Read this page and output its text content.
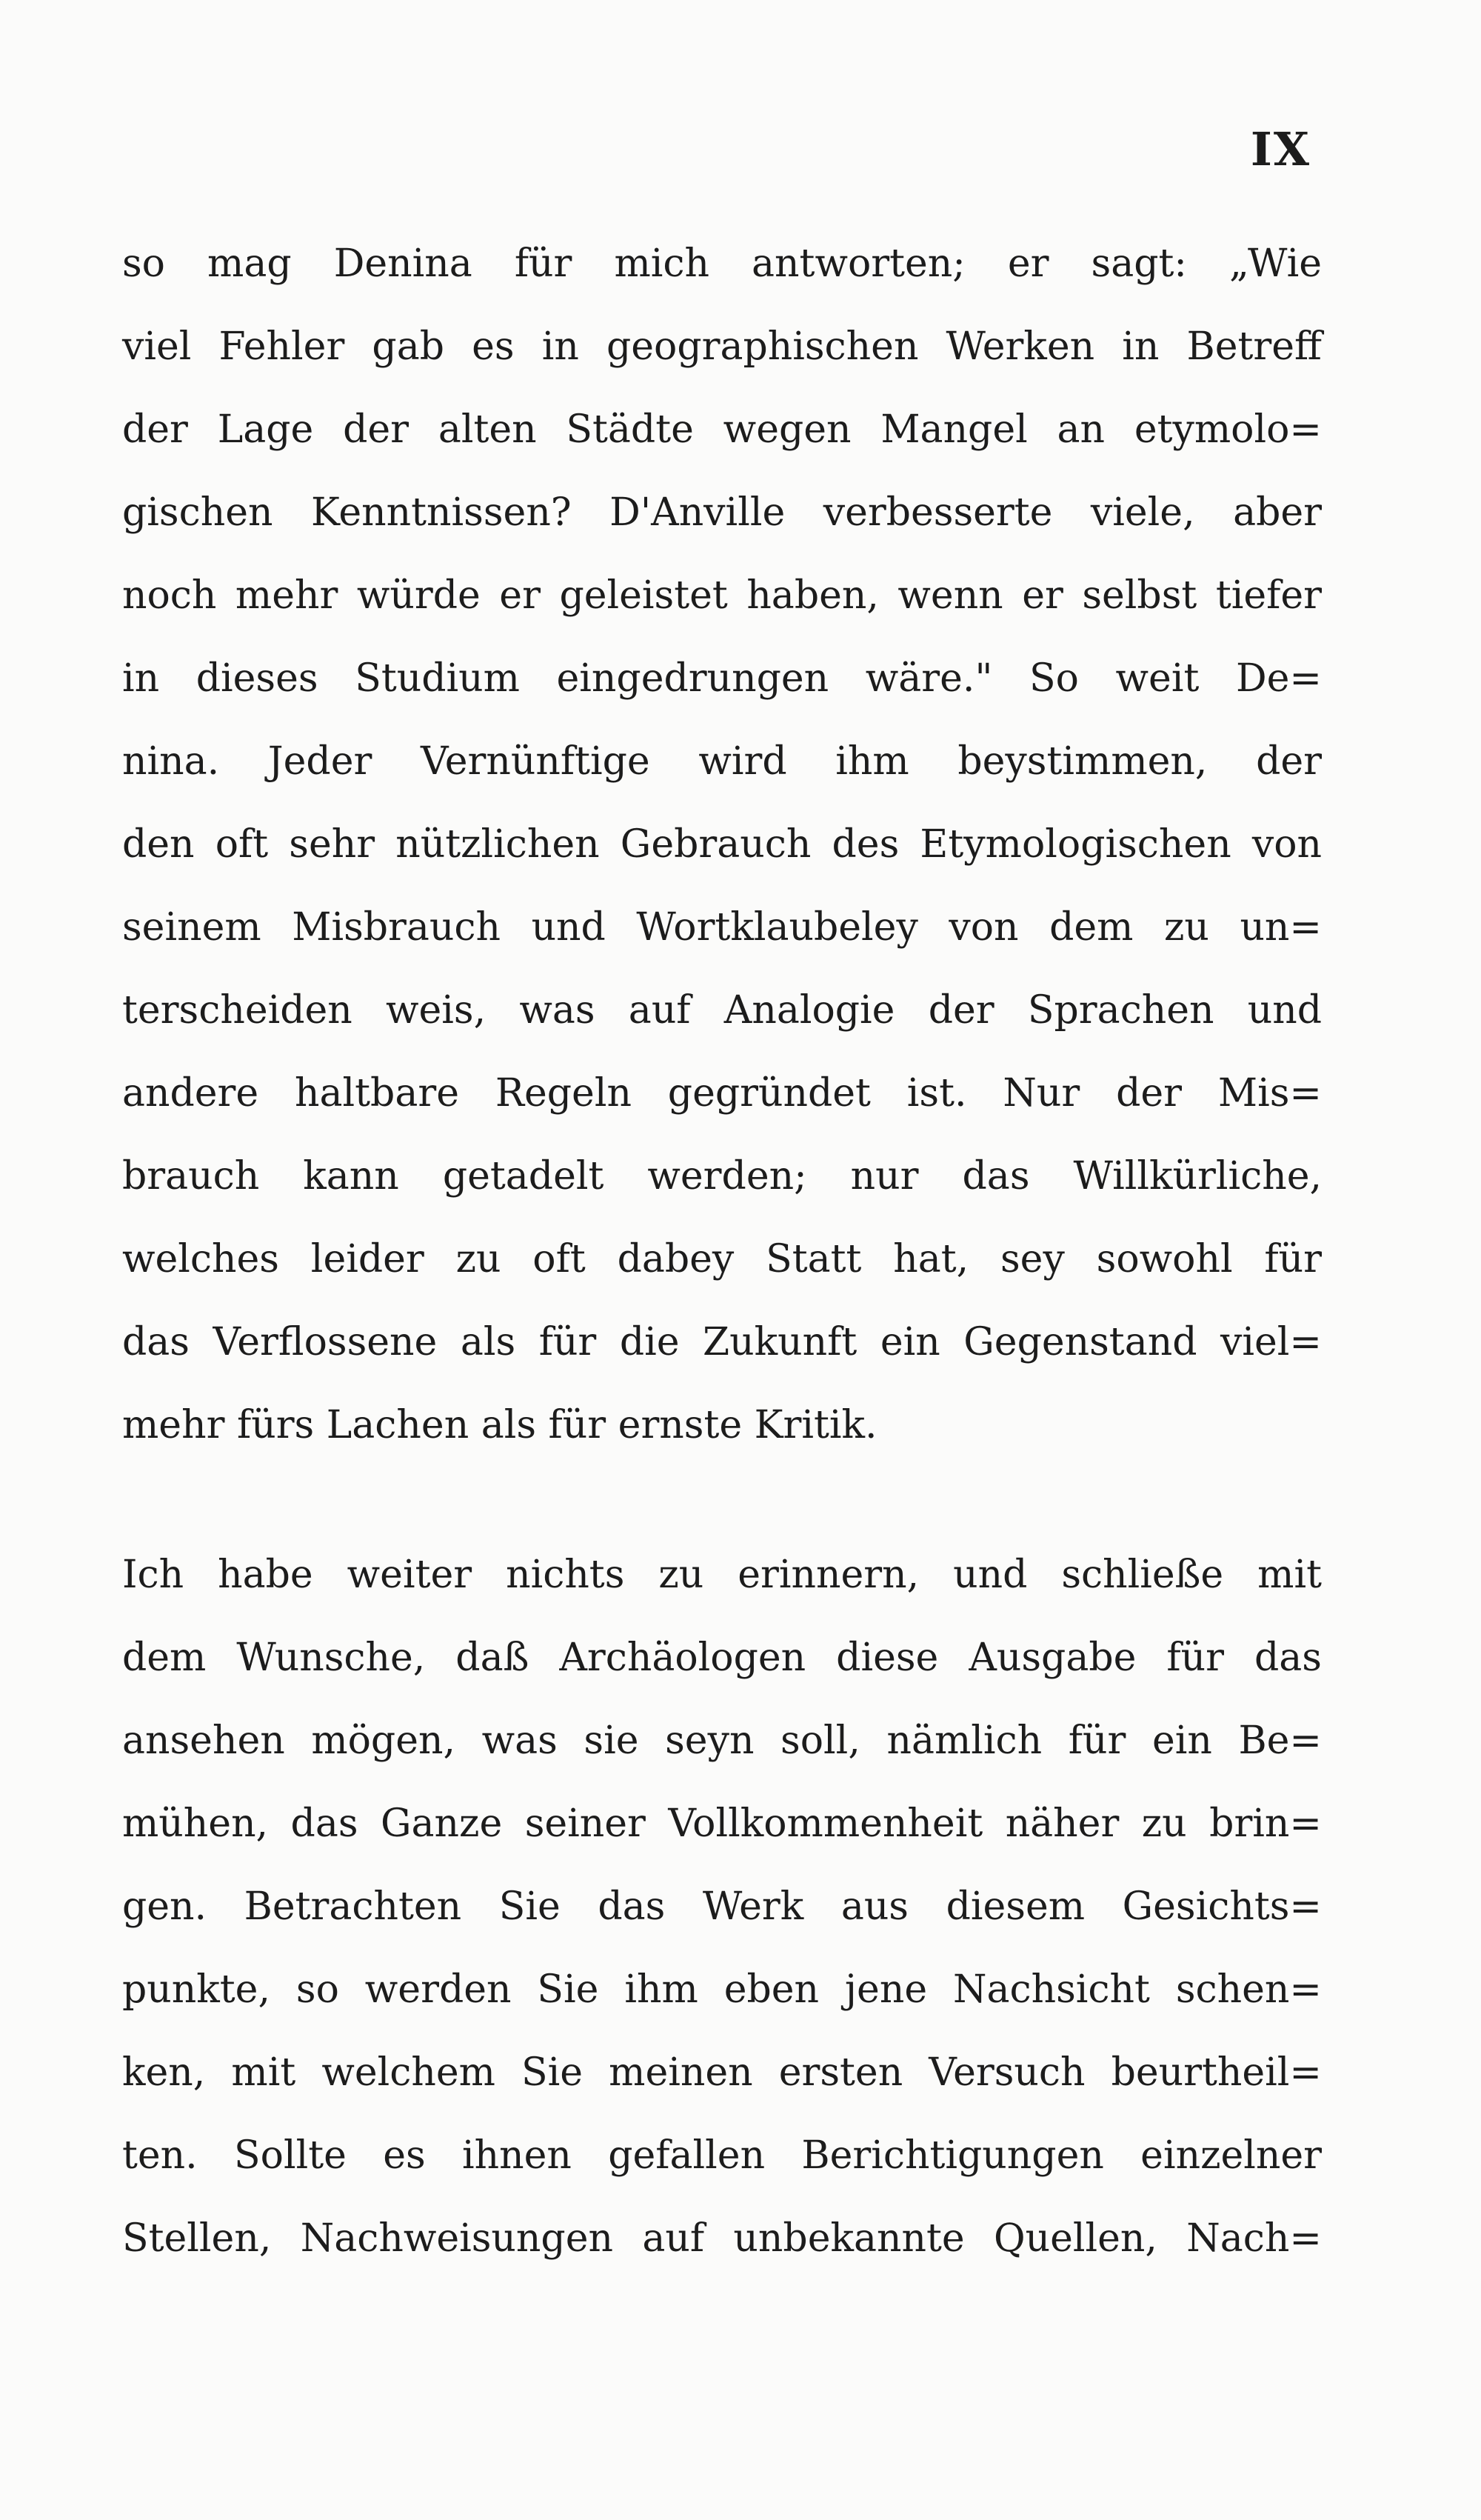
IX
so mag Denina für mich antworten; er sagt: „Wie
viel Fehler gab es in geographischen Werken in Betreff
der Lage der alten Städte wegen Mangel an etymolo=
gischen Kenntnissen? D'Anville verbesserte viele, aber
noch mehr würde er geleistet haben, wenn er selbst tiefer
in dieses Studium eingedrungen wäre." So weit De=
nina. Jeder Vernünftige wird ihm beystimmen, der
den oft sehr nützlichen Gebrauch des Etymologischen von
seinem Misbrauch und Wortklaubeley von dem zu un=
terscheiden weis, was auf Analogie der Sprachen und
andere haltbare Regeln gegründet ist. Nur der Mis=
brauch kann getadelt werden; nur das Willkürliche,
welches leider zu oft dabey Statt hat, sey sowohl für
das Verflossene als für die Zukunft ein Gegenstand viel=
mehr fürs Lachen als für ernste Kritik.
Ich habe weiter nichts zu erinnern, und schließe mit
dem Wunsche, daß Archäologen diese Ausgabe für das
ansehen mögen, was sie seyn soll, nämlich für ein Be=
mühen, das Ganze seiner Vollkommenheit näher zu brin=
gen. Betrachten Sie das Werk aus diesem Gesichts=
punkte, so werden Sie ihm eben jene Nachsicht schen=
ken, mit welchem Sie meinen ersten Versuch beurtheil=
ten. Sollte es ihnen gefallen Berichtigungen einzelner
Stellen, Nachweisungen auf unbekannte Quellen, Nach=
